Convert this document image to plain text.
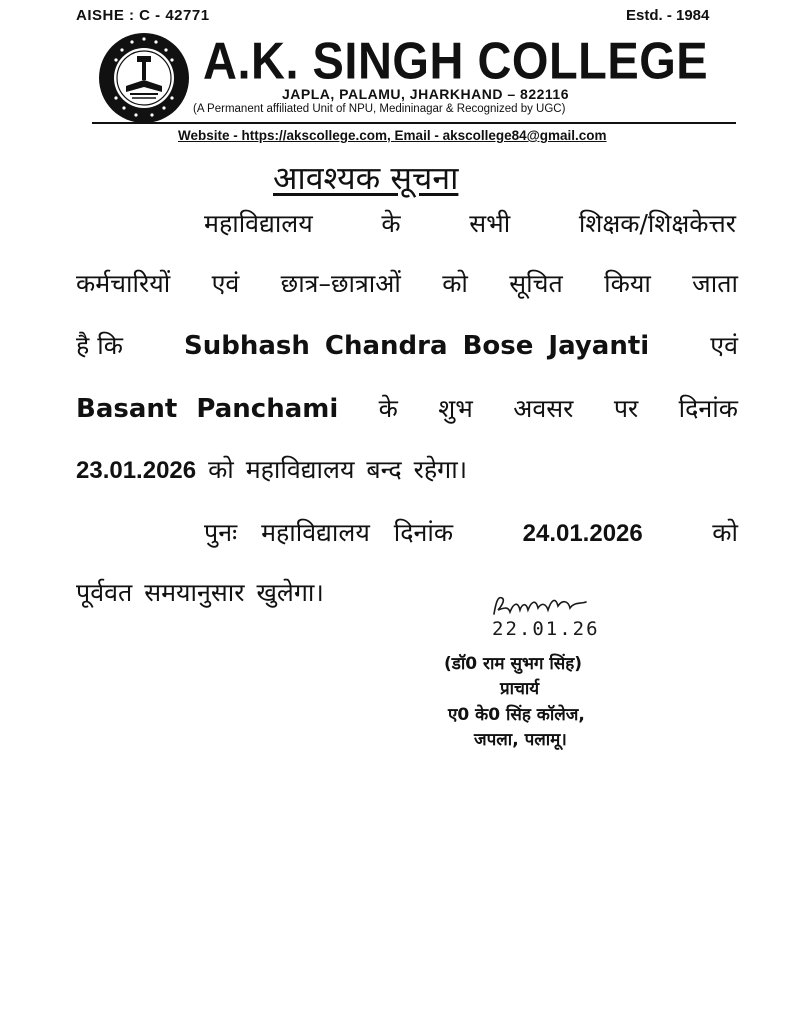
AISHE : C - 42771	Estd. - 1984
A.K. SINGH COLLEGE
JAPLA, PALAMU, JHARKHAND – 822116
(A Permanent affiliated Unit of NPU, Medininagar & Recognized by UGC)
Website - https://akscollege.com, Email - akscollege84@gmail.com
आवश्यक सूचना
महाविद्यालय	के	सभी	शिक्षक/शिक्षकेत्तर
कर्मचारियों एवं छात्र–छात्राओं को सूचित किया जाता
है कि Subhash Chandra Bose Jayanti एवं
Basant Panchami के शुभ अवसर पर दिनांक
23.01.2026 को महाविद्यालय बन्द रहेगा।
पुनः महाविद्यालय दिनांक	24.01.2026	को
पूर्ववत समयानुसार खुलेगा।
22.01.26
(डॉ0 राम सुभग सिंह)
प्राचार्य
ए0 के0 सिंह कॉलेज,
जपला, पलामू।
